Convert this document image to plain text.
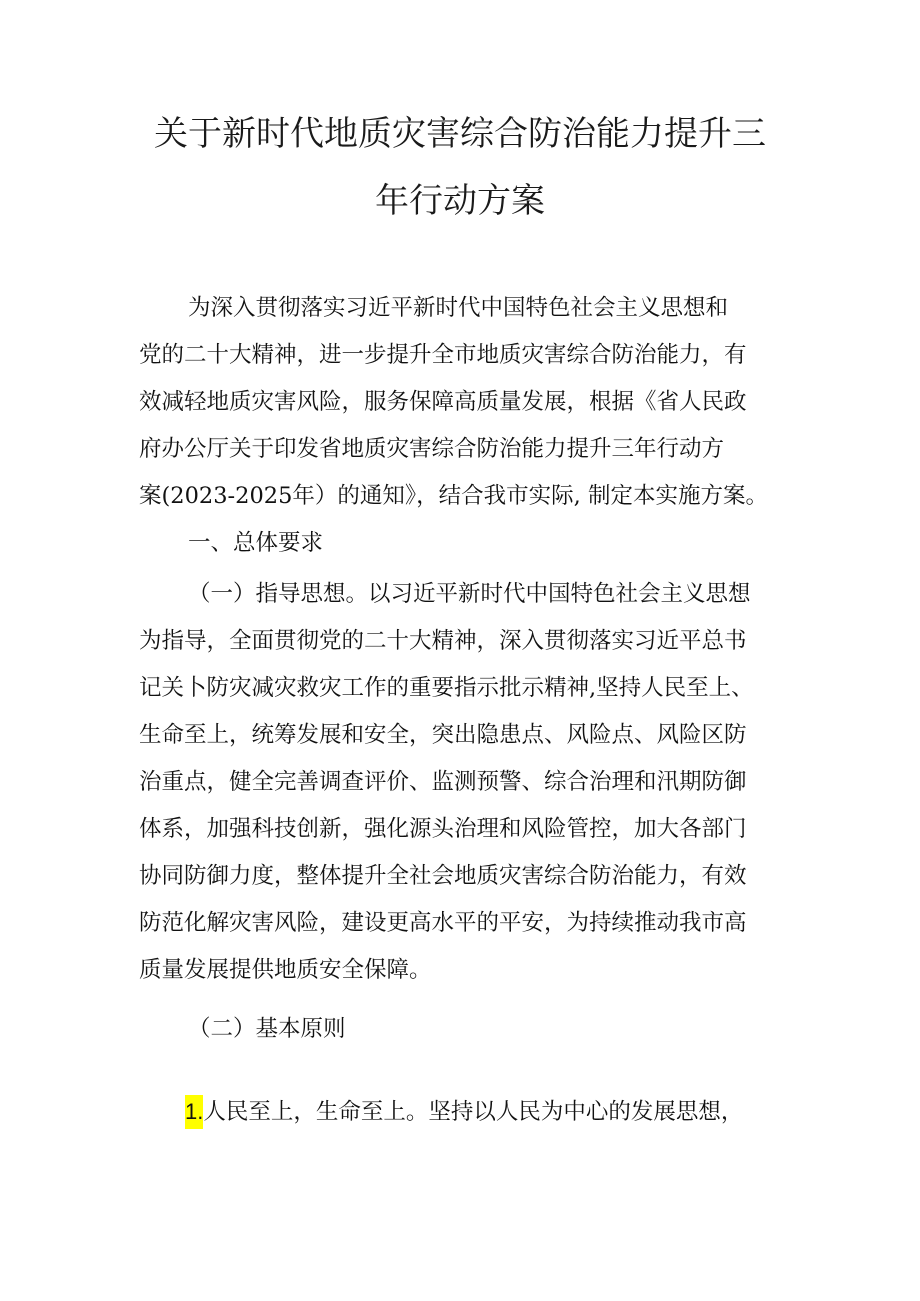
关于新时代地质灾害综合防治能力提升三
年行动方案
为深入贯彻落实习近平新时代中国特色社会主义思想和
党的二十大精神，进一步提升全市地质灾害综合防治能力，有
效减轻地质灾害风险，服务保障高质量发展，根据《省人民政
府办公厅关于印发省地质灾害综合防治能力提升三年行动方
案(2023-2025年）的通知》，结合我市实际, 制定本实施方案。
一、总体要求
（一）指导思想。以习近平新时代中国特色社会主义思想
为指导，全面贯彻党的二十大精神，深入贯彻落实习近平总书
记关卜防灾减灾救灾工作的重要指示批示精神,坚持人民至上、
生命至上，统筹发展和安全，突出隐患点、风险点、风险区防
治重点，健全完善调查评价、监测预警、综合治理和汛期防御
体系，加强科技创新，强化源头治理和风险管控，加大各部门
协同防御力度，整体提升全社会地质灾害综合防治能力，有效
防范化解灾害风险，建设更高水平的平安，为持续推动我市高
质量发展提供地质安全保障。
（二）基本原则
1.人民至上，生命至上。坚持以人民为中心的发展思想，
